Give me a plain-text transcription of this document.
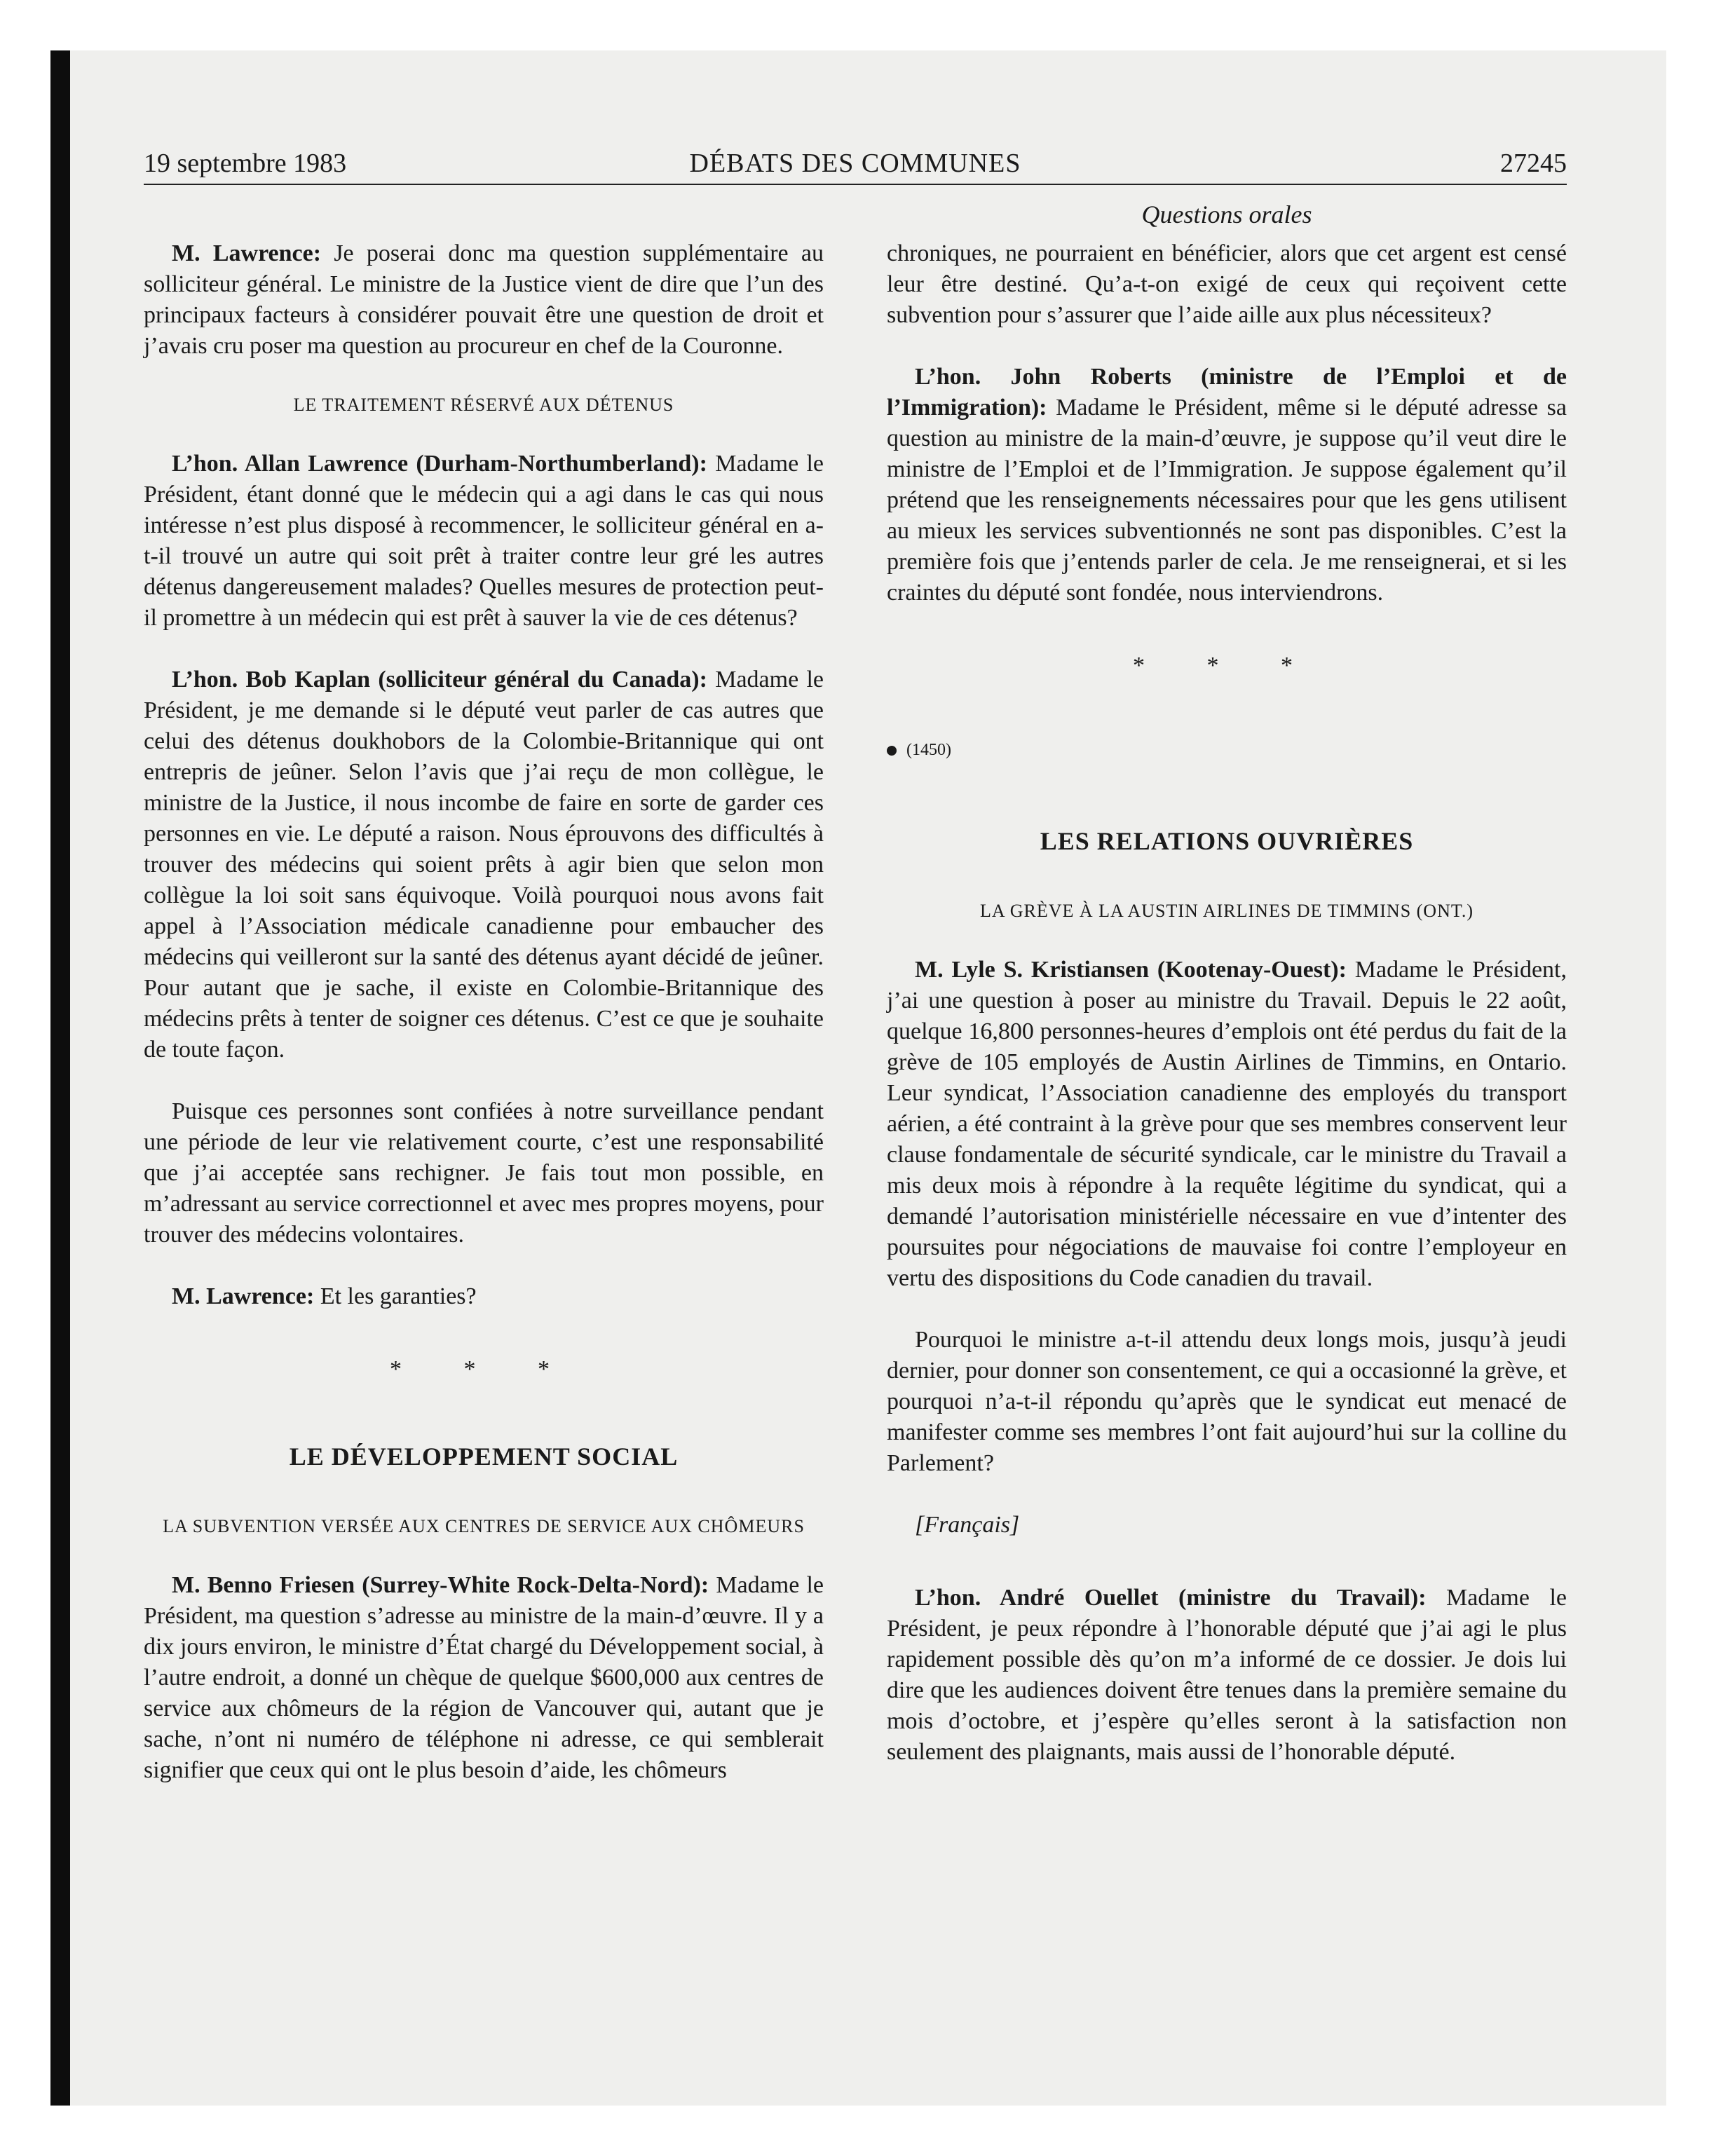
19 septembre 1983	DÉBATS DES COMMUNES	27245
Questions orales

M. Lawrence: Je poserai donc ma question supplémentaire au solliciteur général. Le ministre de la Justice vient de dire que l’un des principaux facteurs à considérer pouvait être une question de droit et j’avais cru poser ma question au procureur en chef de la Couronne.

LE TRAITEMENT RÉSERVÉ AUX DÉTENUS

L’hon. Allan Lawrence (Durham-Northumberland): Madame le Président, étant donné que le médecin qui a agi dans le cas qui nous intéresse n’est plus disposé à recommencer, le solliciteur général en a-t-il trouvé un autre qui soit prêt à traiter contre leur gré les autres détenus dangereusement malades? Quelles mesures de protection peut-il promettre à un médecin qui est prêt à sauver la vie de ces détenus?

L’hon. Bob Kaplan (solliciteur général du Canada): Madame le Président, je me demande si le député veut parler de cas autres que celui des détenus doukhobors de la Colombie-Britannique qui ont entrepris de jeûner. Selon l’avis que j’ai reçu de mon collègue, le ministre de la Justice, il nous incombe de faire en sorte de garder ces personnes en vie. Le député a raison. Nous éprouvons des difficultés à trouver des médecins qui soient prêts à agir bien que selon mon collègue la loi soit sans équivoque. Voilà pourquoi nous avons fait appel à l’Association médicale canadienne pour embaucher des médecins qui veilleront sur la santé des détenus ayant décidé de jeûner. Pour autant que je sache, il existe en Colombie-Britannique des médecins prêts à tenter de soigner ces détenus. C’est ce que je souhaite de toute façon.

Puisque ces personnes sont confiées à notre surveillance pendant une période de leur vie relativement courte, c’est une responsabilité que j’ai acceptée sans rechigner. Je fais tout mon possible, en m’adressant au service correctionnel et avec mes propres moyens, pour trouver des médecins volontaires.

M. Lawrence: Et les garanties?

* * *
LE DÉVELOPPEMENT SOCIAL
LA SUBVENTION VERSÉE AUX CENTRES DE SERVICE AUX CHÔMEURS

M. Benno Friesen (Surrey-White Rock-Delta-Nord): Madame le Président, ma question s’adresse au ministre de la main-d’œuvre. Il y a dix jours environ, le ministre d’État chargé du Développement social, à l’autre endroit, a donné un chèque de quelque $600,000 aux centres de service aux chômeurs de la région de Vancouver qui, autant que je sache, n’ont ni numéro de téléphone ni adresse, ce qui semblerait signifier que ceux qui ont le plus besoin d’aide, les chômeurs

chroniques, ne pourraient en bénéficier, alors que cet argent est censé leur être destiné. Qu’a-t-on exigé de ceux qui reçoivent cette subvention pour s’assurer que l’aide aille aux plus nécessiteux?

L’hon. John Roberts (ministre de l’Emploi et de l’Immigration): Madame le Président, même si le député adresse sa question au ministre de la main-d’œuvre, je suppose qu’il veut dire le ministre de l’Emploi et de l’Immigration. Je suppose également qu’il prétend que les renseignements nécessaires pour que les gens utilisent au mieux les services subventionnés ne sont pas disponibles. C’est la première fois que j’entends parler de cela. Je me renseignerai, et si les craintes du député sont fondée, nous interviendrons.

* * *
(1450)
LES RELATIONS OUVRIÈRES
LA GRÈVE À LA AUSTIN AIRLINES DE TIMMINS (ONT.)

M. Lyle S. Kristiansen (Kootenay-Ouest): Madame le Président, j’ai une question à poser au ministre du Travail. Depuis le 22 août, quelque 16,800 personnes-heures d’emplois ont été perdus du fait de la grève de 105 employés de Austin Airlines de Timmins, en Ontario. Leur syndicat, l’Association canadienne des employés du transport aérien, a été contraint à la grève pour que ses membres conservent leur clause fondamentale de sécurité syndicale, car le ministre du Travail a mis deux mois à répondre à la requête légitime du syndicat, qui a demandé l’autorisation ministérielle nécessaire en vue d’intenter des poursuites pour négociations de mauvaise foi contre l’employeur en vertu des dispositions du Code canadien du travail.

Pourquoi le ministre a-t-il attendu deux longs mois, jusqu’à jeudi dernier, pour donner son consentement, ce qui a occasionné la grève, et pourquoi n’a-t-il répondu qu’après que le syndicat eut menacé de manifester comme ses membres l’ont fait aujourd’hui sur la colline du Parlement?

[Français]

L’hon. André Ouellet (ministre du Travail): Madame le Président, je peux répondre à l’honorable député que j’ai agi le plus rapidement possible dès qu’on m’a informé de ce dossier. Je dois lui dire que les audiences doivent être tenues dans la première semaine du mois d’octobre, et j’espère qu’elles seront à la satisfaction non seulement des plaignants, mais aussi de l’honorable député.
